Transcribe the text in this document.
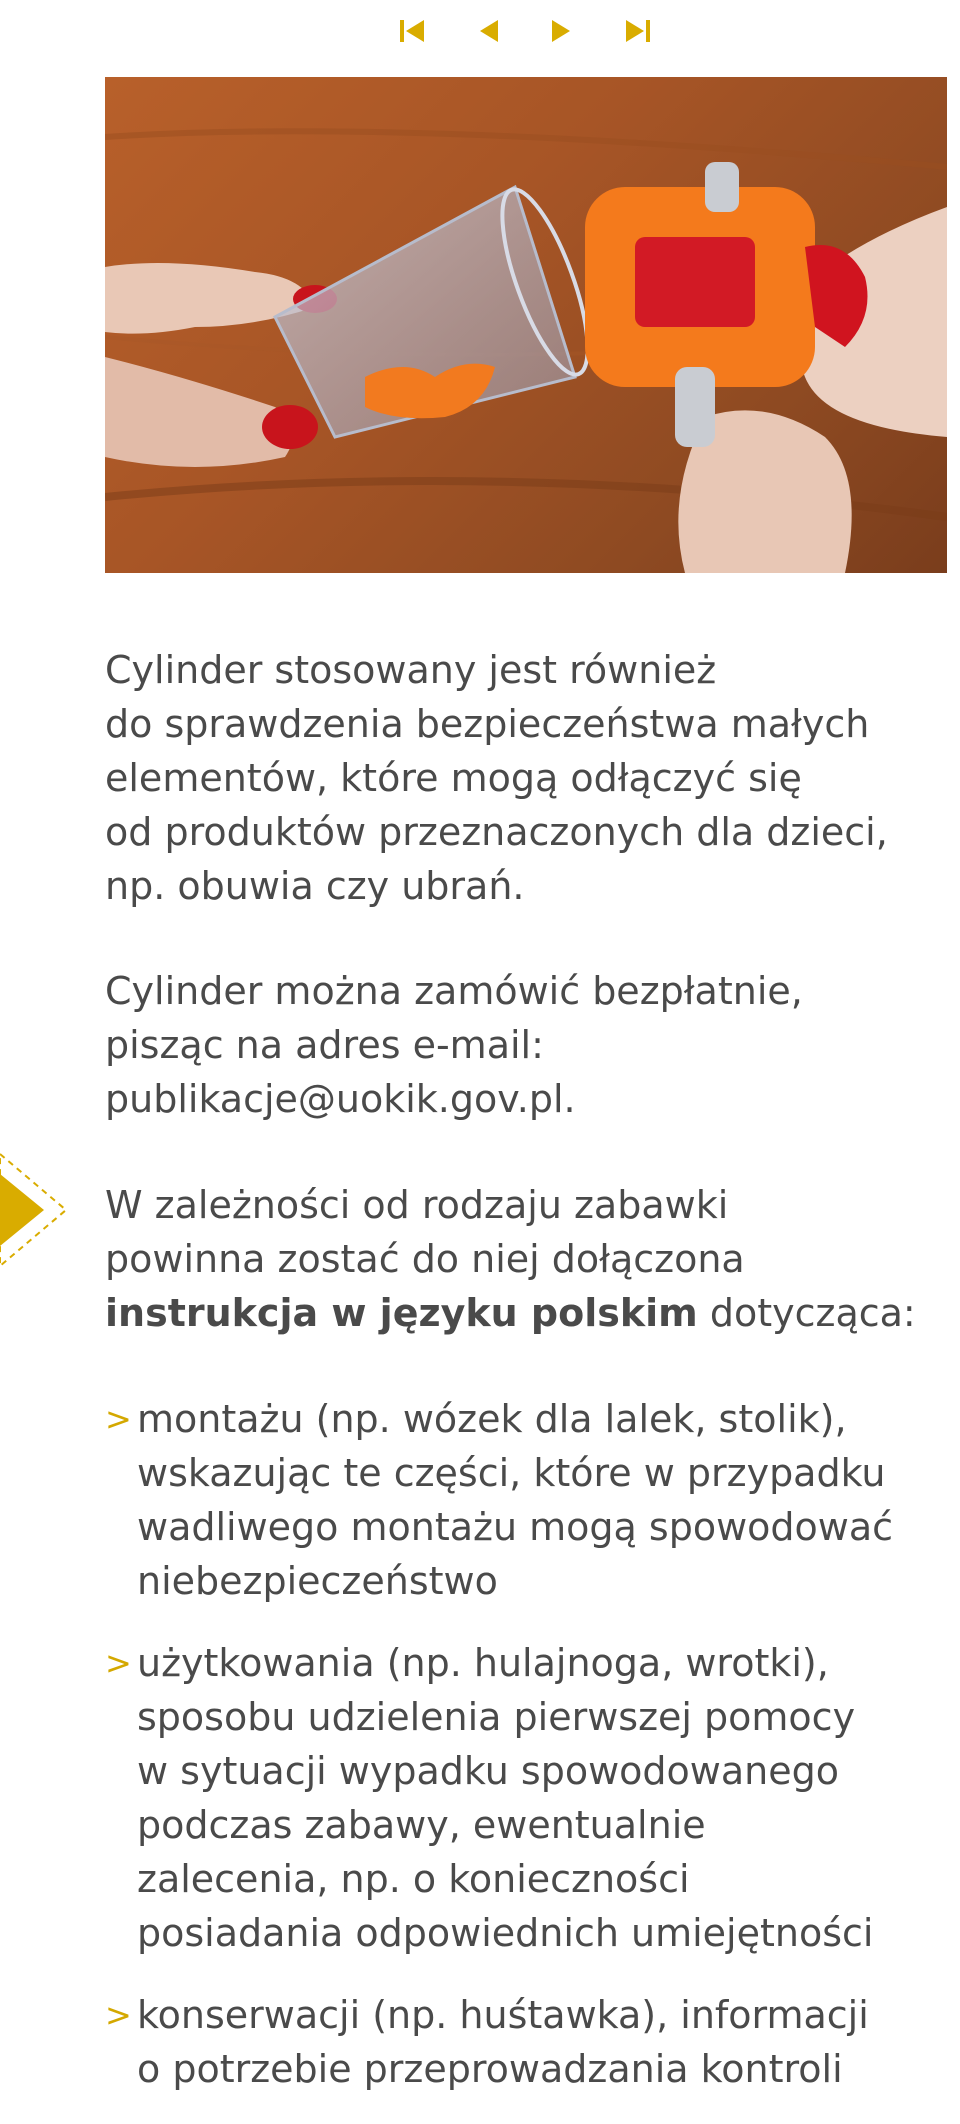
Cylinder stosowany jest również
do sprawdzenia bezpieczeństwa małych
elementów, które mogą odłączyć się
od produktów przeznaczonych dla dzieci,
np. obuwia czy ubrań.

Cylinder można zamówić bezpłatnie,
pisząc na adres e-mail:
publikacje@uokik.gov.pl.

W zależności od rodzaju zabawki
powinna zostać do niej dołączona
instrukcja w języku polskim dotycząca:

> montażu (np. wózek dla lalek, stolik),
wskazując te części, które w przypadku
wadliwego montażu mogą spowodować
niebezpieczeństwo
> użytkowania (np. hulajnoga, wrotki),
sposobu udzielenia pierwszej pomocy
w sytuacji wypadku spowodowanego
podczas zabawy, ewentualnie
zalecenia, np. o konieczności
posiadania odpowiednich umiejętności
> konserwacji (np. huśtawka), informacji
o potrzebie przeprowadzania kontroli
